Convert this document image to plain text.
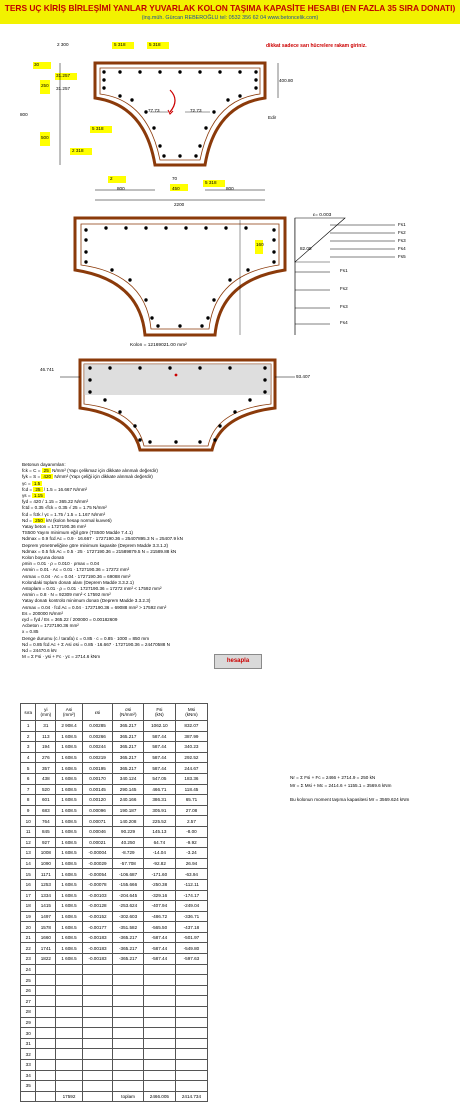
TERS UÇ KİRİŞ BİRLEŞİMİ YANLAR YUVARLAK KOLON TAŞIMA KAPASİTE HESABI (EN FAZLA 35 SIRA DONATI)
(inş.müh. Gürcan REBEROĞLU tel: 0532 356 62 04 www.betoncelik.com)
5 318	5 318
2 300	dikkat sadece sarı hücrelere rakam giriniz.
30
31.257
31.257
250
500
800
400.80
77.73	72.73
Edir
5 318
2 318
2	70
5 318
800	450	800
2200
ε= 0.003
Fs1
Fs2
Fs3
Fs4
Fs5
Fs1
Fs2
Fs3
Fs4
82.05
160
Kolon = 12169021.00 mm²
46.741
93.407
Betonun dayanımları:
fck = C = 25 N/mm² (Yapı çelikmaz için dikkate alınmalı değerdir)
fyk = S = 420 N/mm² (Yapı çeliği için dikkate alınmalı değerdir)
γc = 1.5
fcd = 25 / 1.5 = 16.667 N/mm²
γs = 1.15
fyd = 420 / 1.15 = 365.22 N/mm²
fctd = 0.35 √fck = 0.35 √ 25 = 1.75 N/mm²
fcd = fctk / γc = 1.75 / 1.5 = 1.167 N/mm²
Nd = 250 kN (kolon hesap normal kuvveti)
Yatay beton = 1727190.36 mm²
TS500 Yayını minimum eğil göre (TS500 Madde 7.4.1)
Ndmax = 0.9 fcd Ac = 0.9 · 16.667 · 1727190.36 = 25407895.3 N = 25407.9 kN
Deprem yönetmeliğine göre minimum kapasite (Deprem Madde 3.3.1.2)
Ndmax = 0.5 fck Ac = 0.5 · 25 · 1727190.36 = 21589879.5 N = 21589.88 kN
Kolon boyuna donatı
ρmin = 0.01 · ρ = 0.010 · ρmax = 0.04
Asmin = 0.01 · Ac = 0.01 · 1727190.36 = 17272 mm²
Asmax = 0.04 · Ac = 0.04 · 1727190.36 = 69088 mm²
Kolondaki toplam donatı alanı (Deprem Madde 3.3.2.1)
Astoplam = 0.01 · ρ = 0.01 · 1727190.36 = 17272 mm² < 17592 mm²
Asmin = 0.8 · N = 92309 mm² < 17592 mm²
Yatay donatı kontrolü minimum donatı (Deprem Madde 3.3.2.3)
Asmax = 0.04 · fcd Ac = 0.04 · 1727190.36 = 69088 mm² > 17592 mm²
Es = 200000 N/mm²
εyd = fyd / Es = 365.22 / 200000 = 0.00182609
Acbeton = 1727190.36 mm²
x = 0.85
Denge durumu (c / tarafa) c = 0.85 · c = 0.85 · 1000 = 850 mm
Nd = 0.85 fcd Ac + Σ Asi σsi = 0.85 · 16.667 · 1727190.36 = 24470588 N
Nd = 24470.6 kN
M = Σ Fsi · ysi + Fc · yc = 2714.6 kNm
hesapla
sıra	yi
(mm)	Asi
(mm²)	εsi	σsi
(N/mm²)	Fsi
(kN)	Msi
(kNm)
1	31	2 908.4	0.00285	365.217	1062.10	832.07
2	113	1 608.5	0.00266	365.217	587.44	387.99
3	194	1 608.5	0.00244	365.217	587.44	340.23
4	276	1 608.5	0.00219	365.217	587.44	292.52
5	357	1 608.5	0.00195	365.217	587.44	244.67
6	438	1 608.5	0.00170	340.124	547.05	183.36
7	520	1 608.5	0.00145	290.145	466.71	118.45
8	601	1 608.5	0.00120	240.166	386.31	65.71
9	683	1 608.5	0.00096	190.187	305.91	27.08
10	764	1 608.5	0.00071	140.208	225.52	2.57
11	845	1 608.5	0.00046	90.229	145.13	-8.00
12	927	1 608.5	0.00021	40.250	64.74	-9.92
13	1008	1 608.5	-0.00004	-8.729	-14.04	-3.24
14	1090	1 608.5	-0.00029	-57.708	-92.82	26.94
15	1171	1 608.5	-0.00054	-106.687	-171.60	-63.94
16	1253	1 608.5	-0.00078	-155.666	-250.38	-112.11
17	1334	1 608.5	-0.00103	-204.645	-329.16	-174.17
18	1415	1 608.5	-0.00128	-253.624	-407.94	-249.04
19	1497	1 608.5	-0.00152	-302.603	-486.72	-336.71
20	1578	1 608.5	-0.00177	-351.582	-565.50	-437.18
21	1660	1 608.5	-0.00183	-365.217	-587.44	-501.97
22	1741	1 608.5	-0.00183	-365.217	-587.44	-549.80
23	1822	1 608.5	-0.00183	-365.217	-587.44	-597.63
24						
25						
26						
27						
28						
29						
30						
31						
32						
33						
34						
35						
		17592		toplam	2466.005	2414.734
Nr = Σ Fsi + Fc = 2466 + 2714.9 = 250 kN
Mr = Σ Msi + Mc = 2414.6 + 1155.1 = 3569.6 kNm
Bu kolonun moment taşıma kapasitesi Mr = 3569.624 kNm
